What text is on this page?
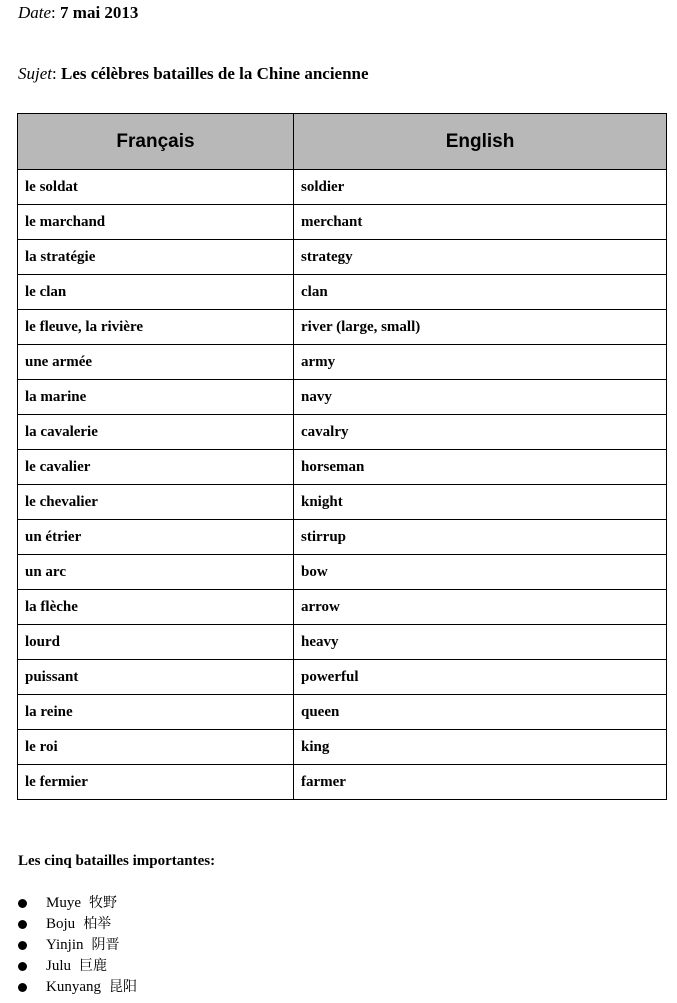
Date: 7 mai 2013
Sujet: Les célèbres batailles de la Chine ancienne
Français	English
le soldat	soldier
le marchand	merchant
la stratégie	strategy
le clan	clan
le fleuve, la rivière	river (large, small)
une armée	army
la marine	navy
la cavalerie	cavalry
le cavalier	horseman
le chevalier	knight
un étrier	stirrup
un arc	bow
la flèche	arrow
lourd	heavy
puissant	powerful
la reine	queen
le roi	king
le fermier	farmer
Les cinq batailles importantes:
Muye 牧野
Boju 柏举
Yinjin 阴晋
Julu 巨鹿
Kunyang 昆阳
